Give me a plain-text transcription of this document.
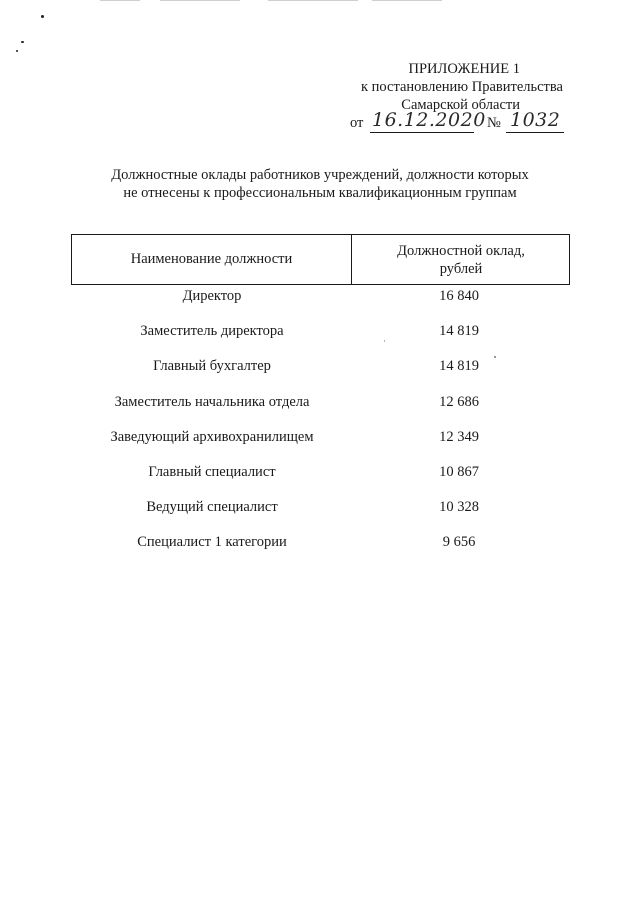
ПРИЛОЖЕНИЕ 1
к постановлению Правительства
Самарской области
от 16.12.2020 № 1032
Должностные оклады работников учреждений, должности которых
не отнесены к профессиональным квалификационным группам
Наименование должности	Должностной оклад,
рублей
Директор	16 840
Заместитель директора	14 819
Главный бухгалтер	14 819
Заместитель начальника отдела	12 686
Заведующий архивохранилищем	12 349
Главный специалист	10 867
Ведущий специалист	10 328
Специалист 1 категории	9 656
